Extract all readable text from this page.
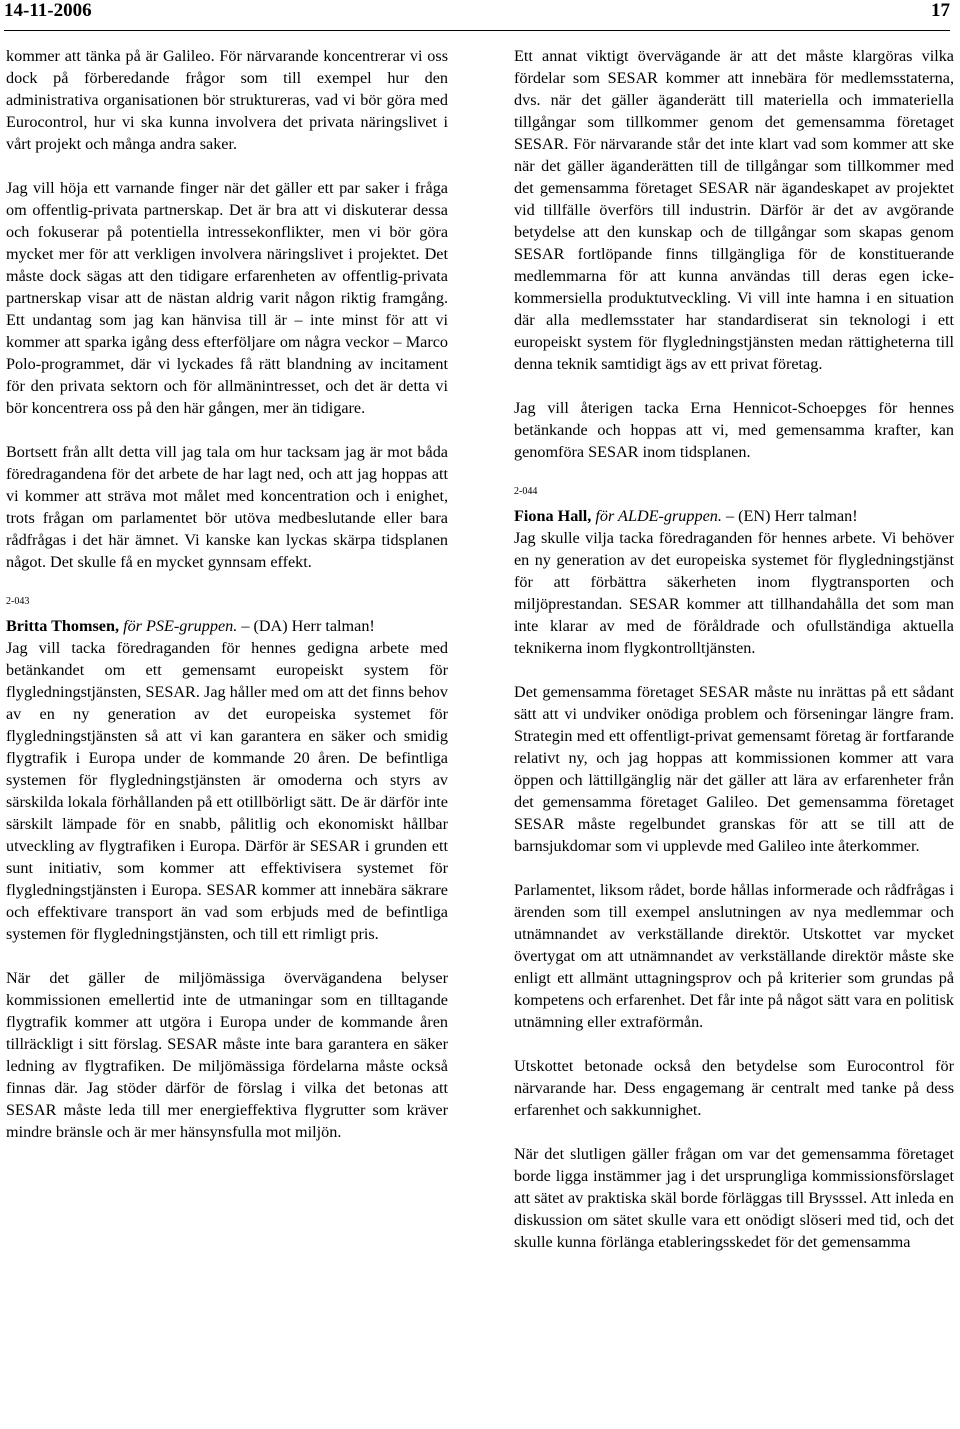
14-11-2006	17

kommer att tänka på är Galileo. För närvarande koncentrerar vi oss dock på förberedande frågor som till exempel hur den administrativa organisationen bör struktureras, vad vi bör göra med Eurocontrol, hur vi ska kunna involvera det privata näringslivet i vårt projekt och många andra saker.

Jag vill höja ett varnande finger när det gäller ett par saker i fråga om offentlig-privata partnerskap. Det är bra att vi diskuterar dessa och fokuserar på potentiella intressekonflikter, men vi bör göra mycket mer för att verkligen involvera näringslivet i projektet. Det måste dock sägas att den tidigare erfarenheten av offentlig-privata partnerskap visar att de nästan aldrig varit någon riktig framgång. Ett undantag som jag kan hänvisa till är – inte minst för att vi kommer att sparka igång dess efterföljare om några veckor – Marco Polo-programmet, där vi lyckades få rätt blandning av incitament för den privata sektorn och för allmänintresset, och det är detta vi bör koncentrera oss på den här gången, mer än tidigare.

Bortsett från allt detta vill jag tala om hur tacksam jag är mot båda föredragandena för det arbete de har lagt ned, och att jag hoppas att vi kommer att sträva mot målet med koncentration och i enighet, trots frågan om parlamentet bör utöva medbeslutande eller bara rådfrågas i det här ämnet. Vi kanske kan lyckas skärpa tidsplanen något. Det skulle få en mycket gynnsam effekt.

2-043

Britta Thomsen, för PSE-gruppen. – (DA) Herr talman!

Jag vill tacka föredraganden för hennes gedigna arbete med betänkandet om ett gemensamt europeiskt system för flygledningstjänsten, SESAR. Jag håller med om att det finns behov av en ny generation av det europeiska systemet för flygledningstjänsten så att vi kan garantera en säker och smidig flygtrafik i Europa under de kommande 20 åren. De befintliga systemen för flygledningstjänsten är omoderna och styrs av särskilda lokala förhållanden på ett otillbörligt sätt. De är därför inte särskilt lämpade för en snabb, pålitlig och ekonomiskt hållbar utveckling av flygtrafiken i Europa. Därför är SESAR i grunden ett sunt initiativ, som kommer att effektivisera systemet för flygledningstjänsten i Europa. SESAR kommer att innebära säkrare och effektivare transport än vad som erbjuds med de befintliga systemen för flygledningstjänsten, och till ett rimligt pris.

När det gäller de miljömässiga övervägandena belyser kommissionen emellertid inte de utmaningar som en tilltagande flygtrafik kommer att utgöra i Europa under de kommande åren tillräckligt i sitt förslag. SESAR måste inte bara garantera en säker ledning av flygtrafiken. De miljömässiga fördelarna måste också finnas där. Jag stöder därför de förslag i vilka det betonas att SESAR måste leda till mer energieffektiva flygrutter som kräver mindre bränsle och är mer hänsynsfulla mot miljön.

Ett annat viktigt övervägande är att det måste klargöras vilka fördelar som SESAR kommer att innebära för medlemsstaterna, dvs. när det gäller äganderätt till materiella och immateriella tillgångar som tillkommer genom det gemensamma företaget SESAR. För närvarande står det inte klart vad som kommer att ske när det gäller äganderätten till de tillgångar som tillkommer med det gemensamma företaget SESAR när ägandeskapet av projektet vid tillfälle överförs till industrin. Därför är det av avgörande betydelse att den kunskap och de tillgångar som skapas genom SESAR fortlöpande finns tillgängliga för de konstituerande medlemmarna för att kunna användas till deras egen icke-kommersiella produktutveckling. Vi vill inte hamna i en situation där alla medlemsstater har standardiserat sin teknologi i ett europeiskt system för flygledningstjänsten medan rättigheterna till denna teknik samtidigt ägs av ett privat företag.

Jag vill återigen tacka Erna Hennicot-Schoepges för hennes betänkande och hoppas att vi, med gemensamma krafter, kan genomföra SESAR inom tidsplanen.

2-044

Fiona Hall, för ALDE-gruppen. – (EN) Herr talman!

Jag skulle vilja tacka föredraganden för hennes arbete. Vi behöver en ny generation av det europeiska systemet för flygledningstjänst för att förbättra säkerheten inom flygtransporten och miljöprestandan. SESAR kommer att tillhandahålla det som man inte klarar av med de föråldrade och ofullständiga aktuella teknikerna inom flygkontrolltjänsten.

Det gemensamma företaget SESAR måste nu inrättas på ett sådant sätt att vi undviker onödiga problem och förseningar längre fram. Strategin med ett offentligt-privat gemensamt företag är fortfarande relativt ny, och jag hoppas att kommissionen kommer att vara öppen och lättillgänglig när det gäller att lära av erfarenheter från det gemensamma företaget Galileo. Det gemensamma företaget SESAR måste regelbundet granskas för att se till att de barnsjukdomar som vi upplevde med Galileo inte återkommer.

Parlamentet, liksom rådet, borde hållas informerade och rådfrågas i ärenden som till exempel anslutningen av nya medlemmar och utnämnandet av verkställande direktör. Utskottet var mycket övertygat om att utnämnandet av verkställande direktör måste ske enligt ett allmänt uttagningsprov och på kriterier som grundas på kompetens och erfarenhet. Det får inte på något sätt vara en politisk utnämning eller extraförmån.

Utskottet betonade också den betydelse som Eurocontrol för närvarande har. Dess engagemang är centralt med tanke på dess erfarenhet och sakkunnighet.

När det slutligen gäller frågan om var det gemensamma företaget borde ligga instämmer jag i det ursprungliga kommissionsförslaget att sätet av praktiska skäl borde förläggas till Brysssel. Att inleda en diskussion om sätet skulle vara ett onödigt slöseri med tid, och det skulle kunna förlänga etableringsskedet för det gemensamma
